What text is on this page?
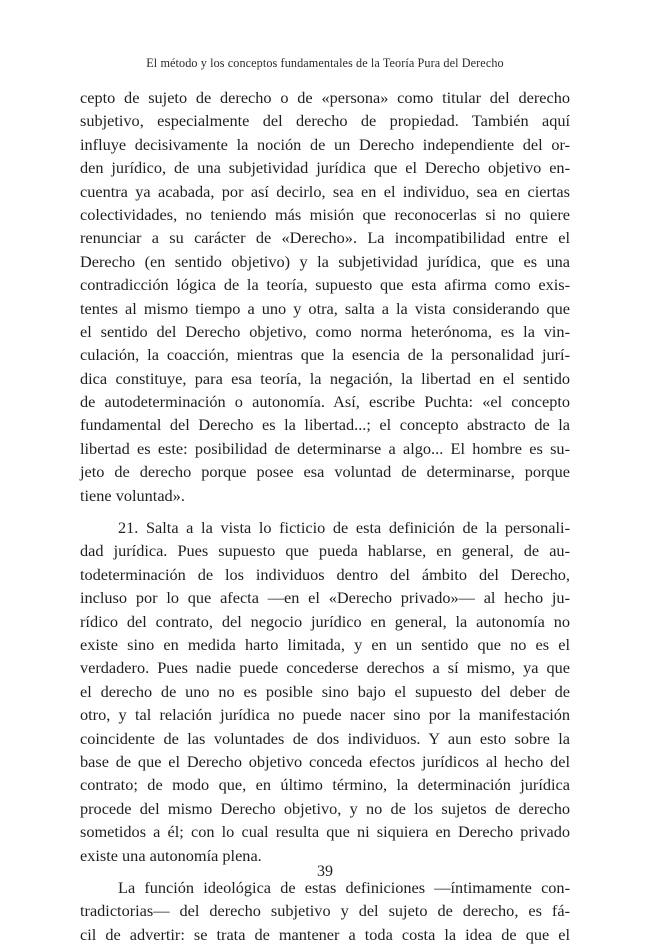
El método y los conceptos fundamentales de la Teoría Pura del Derecho
cepto de sujeto de derecho o de «persona» como titular del derecho
subjetivo, especialmente del derecho de propiedad. También aquí
influye decisivamente la noción de un Derecho independiente del or-
den jurídico, de una subjetividad jurídica que el Derecho objetivo en-
cuentra ya acabada, por así decirlo, sea en el individuo, sea en ciertas
colectividades, no teniendo más misión que reconocerlas si no quiere
renunciar a su carácter de «Derecho». La incompatibilidad entre el
Derecho (en sentido objetivo) y la subjetividad jurídica, que es una
contradicción lógica de la teoría, supuesto que esta afirma como exis-
tentes al mismo tiempo a uno y otra, salta a la vista considerando que
el sentido del Derecho objetivo, como norma heterónoma, es la vin-
culación, la coacción, mientras que la esencia de la personalidad jurí-
dica constituye, para esa teoría, la negación, la libertad en el sentido
de autodeterminación o autonomía. Así, escribe Puchta: «el concepto
fundamental del Derecho es la libertad...; el concepto abstracto de la
libertad es este: posibilidad de determinarse a algo... El hombre es su-
jeto de derecho porque posee esa voluntad de determinarse, porque
tiene voluntad».
21. Salta a la vista lo ficticio de esta definición de la personali-
dad jurídica. Pues supuesto que pueda hablarse, en general, de au-
todeterminación de los individuos dentro del ámbito del Derecho,
incluso por lo que afecta —en el «Derecho privado»— al hecho ju-
rídico del contrato, del negocio jurídico en general, la autonomía no
existe sino en medida harto limitada, y en un sentido que no es el
verdadero. Pues nadie puede concederse derechos a sí mismo, ya que
el derecho de uno no es posible sino bajo el supuesto del deber de
otro, y tal relación jurídica no puede nacer sino por la manifestación
coincidente de las voluntades de dos individuos. Y aun esto sobre la
base de que el Derecho objetivo conceda efectos jurídicos al hecho del
contrato; de modo que, en último término, la determinación jurídica
procede del mismo Derecho objetivo, y no de los sujetos de derecho
sometidos a él; con lo cual resulta que ni siquiera en Derecho privado
existe una autonomía plena.
La función ideológica de estas definiciones —íntimamente con-
tradictorias— del derecho subjetivo y del sujeto de derecho, es fá-
cil de advertir: se trata de mantener a toda costa la idea de que el
39
